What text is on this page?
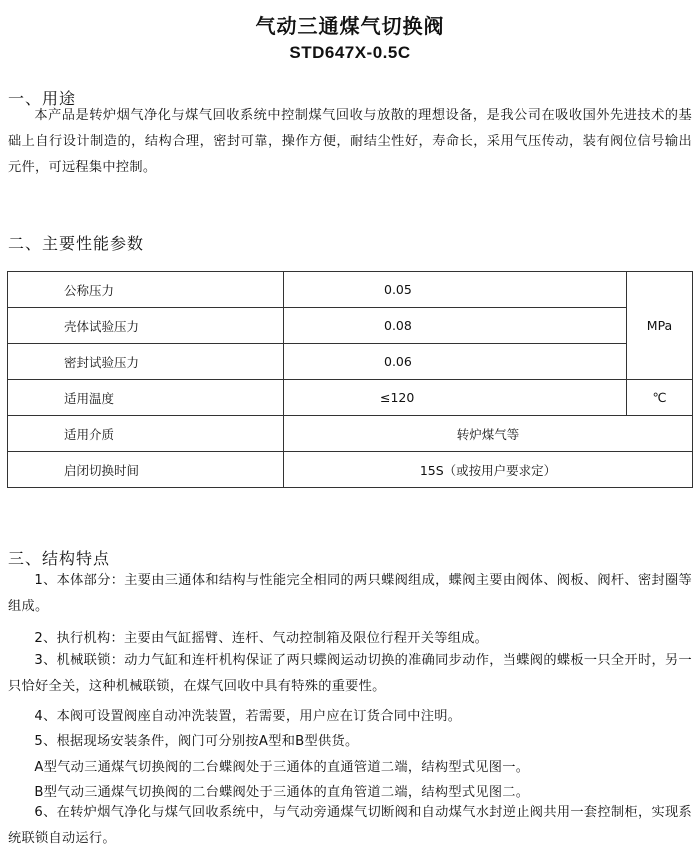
气动三通煤气切换阀
STD647X-0.5C
一、用途

本产品是转炉烟气净化与煤气回收系统中控制煤气回收与放散的理想设备，是我公司在吸收国外先进技术的基础上自行设计制造的，结构合理，密封可靠，操作方便，耐结尘性好，寿命长，采用气压传动，装有阀位信号输出元件，可远程集中控制。

二、主要性能参数
公称压力	0.05	MPa
壳体试验压力	0.08	
密封试验压力	0.06	
适用温度	≤120	℃
适用介质	转炉煤气等	
启闭切换时间	15S（或按用户要求定）	
三、结构特点

1、本体部分：主要由三通体和结构与性能完全相同的两只蝶阀组成，蝶阀主要由阀体、阀板、阀杆、密封圈等组成。

2、执行机构：主要由气缸摇臂、连杆、气动控制箱及限位行程开关等组成。

3、机械联锁：动力气缸和连杆机构保证了两只蝶阀运动切换的准确同步动作，当蝶阀的蝶板一只全开时，另一只恰好全关，这种机械联锁，在煤气回收中具有特殊的重要性。

4、本阀可设置阀座自动冲洗装置，若需要，用户应在订货合同中注明。

5、根据现场安装条件，阀门可分别按A型和B型供货。

A型气动三通煤气切换阀的二台蝶阀处于三通体的直通管道二端，结构型式见图一。

B型气动三通煤气切换阀的二台蝶阀处于三通体的直角管道二端，结构型式见图二。

6、在转炉烟气净化与煤气回收系统中，与气动旁通煤气切断阀和自动煤气水封逆止阀共用一套控制柜，实现系统联锁自动运行。
